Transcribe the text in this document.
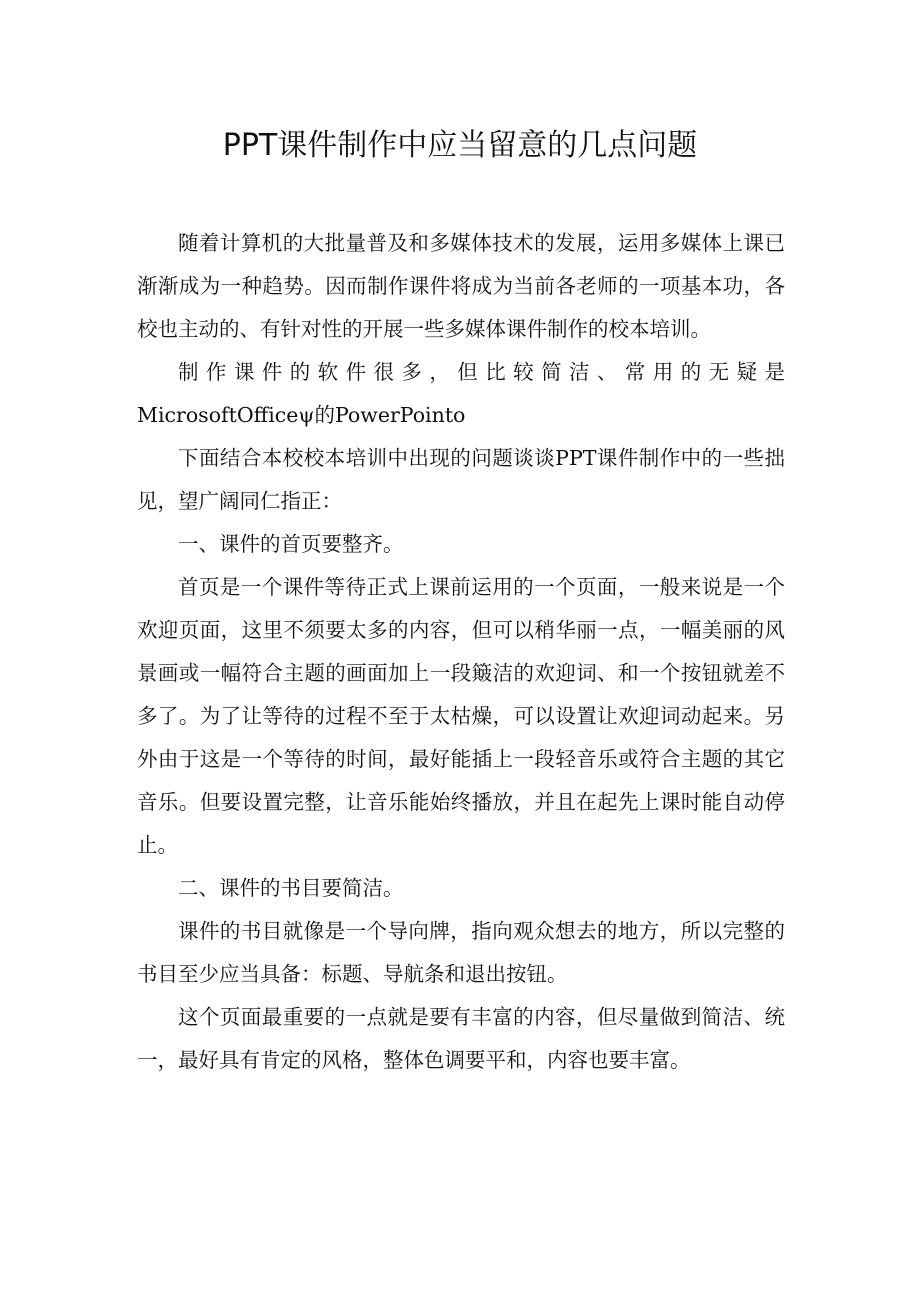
PPT课件制作中应当留意的几点问题

随着计算机的大批量普及和多媒体技术的发展，运用多媒体上课已渐渐成为一种趋势。因而制作课件将成为当前各老师的一项基本功，各校也主动的、有针对性的开展一些多媒体课件制作的校本培训。

制作课件的软件很多，但比较简洁、常用的无疑是MicrosoftOfficeψ的PowerPointo

下面结合本校校本培训中出现的问题谈谈PPT课件制作中的一些拙见，望广阔同仁指正：

一、课件的首页要整齐。

首页是一个课件等待正式上课前运用的一个页面，一般来说是一个欢迎页面，这里不须要太多的内容，但可以稍华丽一点，一幅美丽的风景画或一幅符合主题的画面加上一段簸洁的欢迎词、和一个按钮就差不多了。为了让等待的过程不至于太枯燥，可以设置让欢迎词动起来。另外由于这是一个等待的时间，最好能插上一段轻音乐或符合主题的其它音乐。但要设置完整，让音乐能始终播放，并且在起先上课时能自动停止。

二、课件的书目要简洁。

课件的书目就像是一个导向牌，指向观众想去的地方，所以完整的书目至少应当具备：标题、导航条和退出按钮。

这个页面最重要的一点就是要有丰富的内容，但尽量做到简洁、统一，最好具有肯定的风格，整体色调要平和，内容也要丰富。
